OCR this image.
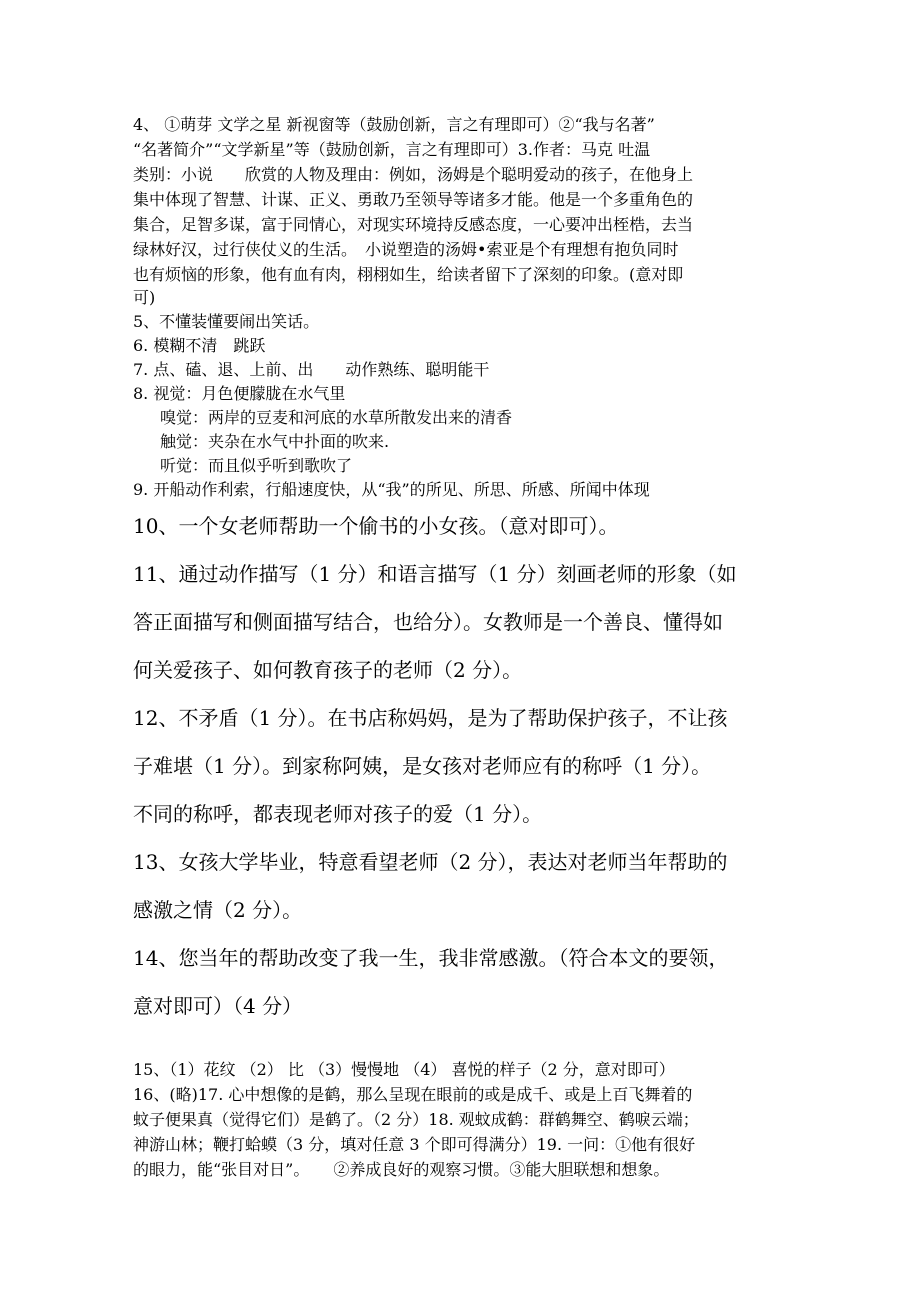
4、 ①萌芽 文学之星 新视窗等（鼓励创新，言之有理即可）②“我与名著”
“名著简介”“文学新星”等（鼓励创新，言之有理即可）3.作者：马克 吐温
类别：小说　　欣赏的人物及理由：例如，汤姆是个聪明爱动的孩子，在他身上
集中体现了智慧、计谋、正义、勇敢乃至领导等诸多才能。他是一个多重角色的
集合，足智多谋，富于同情心，对现实环境持反感态度，一心要冲出桎梏，去当
绿林好汉，过行侠仗义的生活。　小说塑造的汤姆•索亚是个有理想有抱负同时
也有烦恼的形象，他有血有肉，栩栩如生，给读者留下了深刻的印象。(意对即
可)
5、不懂装懂要闹出笑话。
6. 模糊不清　跳跃
7. 点、磕、退、上前、出　　动作熟练、聪明能干
8. 视觉：月色便朦胧在水气里
嗅觉：两岸的豆麦和河底的水草所散发出来的清香
触觉：夹杂在水气中扑面的吹来.
听觉：而且似乎听到歌吹了
9. 开船动作利索，行船速度快，从“我”的所见、所思、所感、所闻中体现
10、一个女老师帮助一个偷书的小女孩。（意对即可）。
11、通过动作描写（1 分）和语言描写（1 分）刻画老师的形象（如
答正面描写和侧面描写结合，也给分）。女教师是一个善良、懂得如
何关爱孩子、如何教育孩子的老师（2 分）。
12、不矛盾（1 分）。在书店称妈妈，是为了帮助保护孩子，不让孩
子难堪（1 分）。到家称阿姨，是女孩对老师应有的称呼（1 分）。
不同的称呼，都表现老师对孩子的爱（1 分）。
13、女孩大学毕业，特意看望老师（2 分），表达对老师当年帮助的
感激之情（2 分）。
14、您当年的帮助改变了我一生，我非常感激。（符合本文的要领，
意对即可）（4 分）
15、（1）花纹 （2） 比 （3）慢慢地 （4） 喜悦的样子（2 分，意对即可）
16、(略)17. 心中想像的是鹤，那么呈现在眼前的或是成千、或是上百飞舞着的
蚊子便果真（觉得它们）是鹤了。（2 分）18. 观蚊成鹤：群鹤舞空、鹤唳云端；
神游山林；鞭打蛤蟆（3 分，填对任意 3 个即可得满分）19. 一问：①他有很好
的眼力，能“张目对日”。　　②养成良好的观察习惯。③能大胆联想和想象。
